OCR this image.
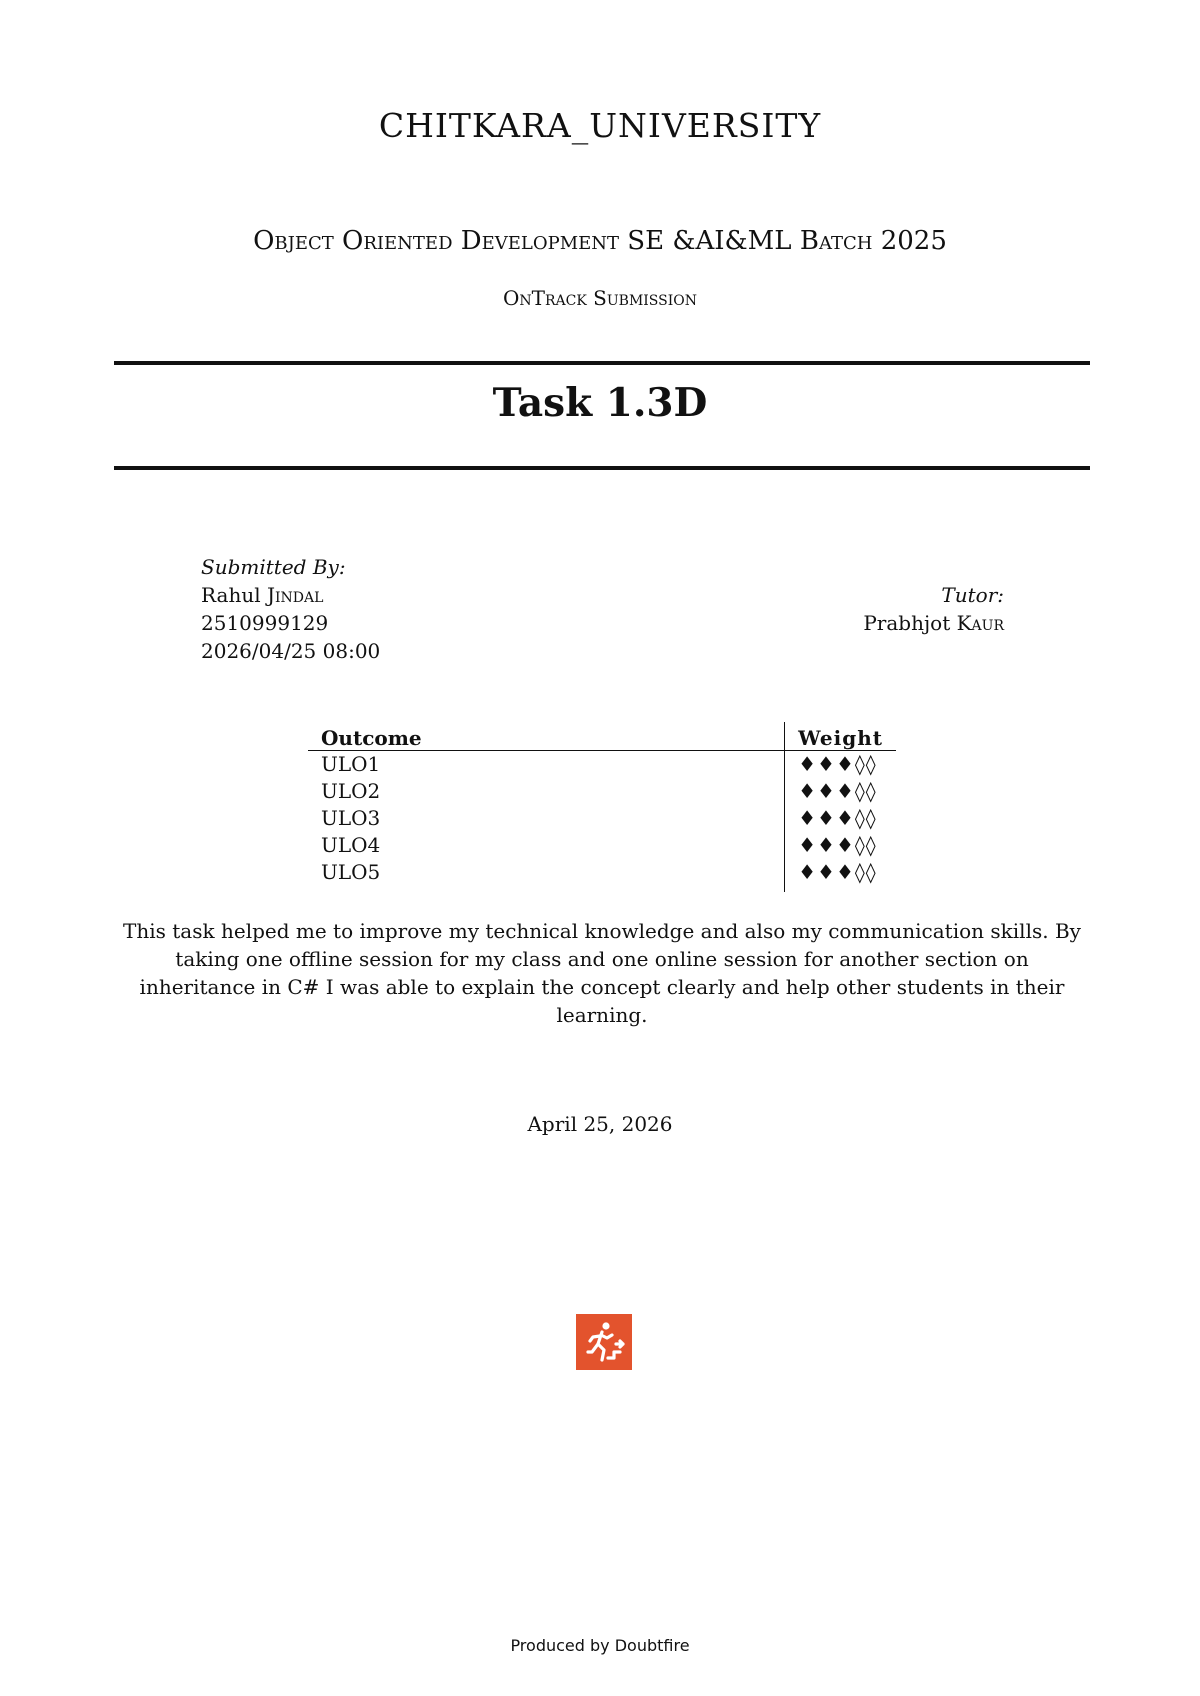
CHITKARA_UNIVERSITY
Object Oriented Development SE &AI&ML Batch 2025
OnTrack Submission
Task 1.3D
Submitted By:
Rahul Jindal
2510999129
2026/04/25 08:00
Tutor:
Prabhjot Kaur
Outcome	Weight
ULO1	♦♦♦◊◊
ULO2	♦♦♦◊◊
ULO3	♦♦♦◊◊
ULO4	♦♦♦◊◊
ULO5	♦♦♦◊◊
This task helped me to improve my technical knowledge and also my communication skills. By taking one offline session for my class and one online session for another section on inheritance in C# I was able to explain the concept clearly and help other students in their learning.
April 25, 2026
Produced by Doubtfire
